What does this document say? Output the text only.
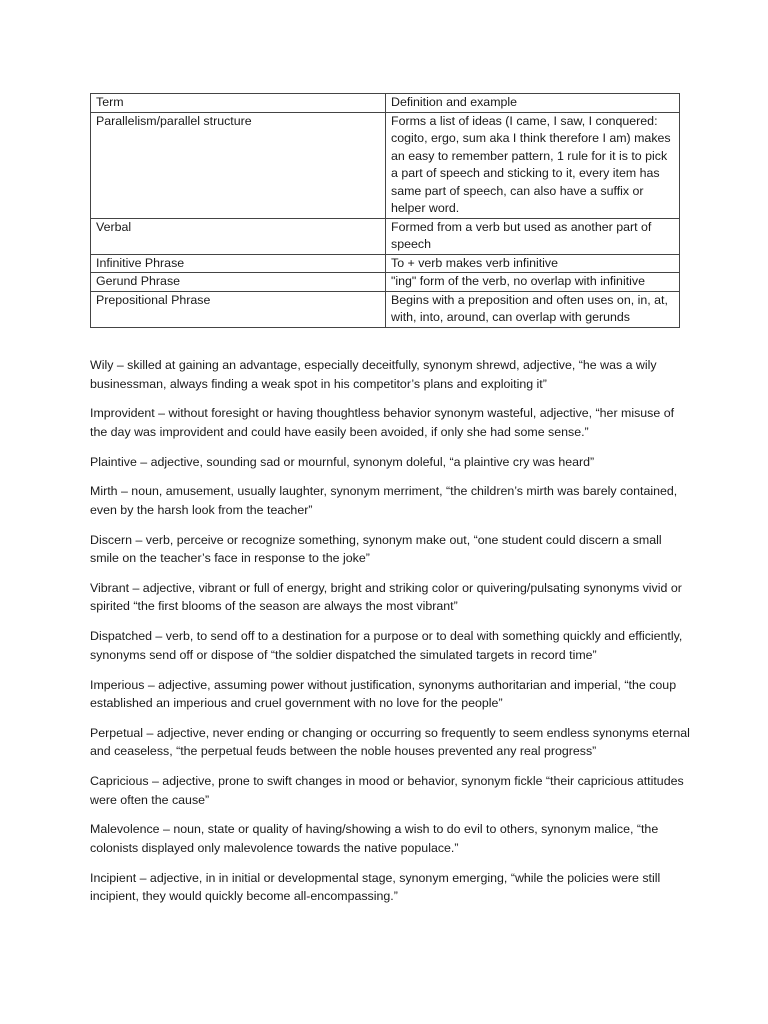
Term	Definition and example
Parallelism/parallel structure	Forms a list of ideas (I came, I saw, I conquered: cogito, ergo, sum aka I think therefore I am) makes an easy to remember pattern, 1 rule for it is to pick a part of speech and sticking to it, every item has same part of speech, can also have a suffix or helper word.
Verbal	Formed from a verb but used as another part of speech
Infinitive Phrase	To + verb makes verb infinitive
Gerund Phrase	"ing" form of the verb, no overlap with infinitive
Prepositional Phrase	Begins with a preposition and often uses on, in, at, with, into, around, can overlap with gerunds

Wily – skilled at gaining an advantage, especially deceitfully, synonym shrewd, adjective, “he was a wily businessman, always finding a weak spot in his competitor’s plans and exploiting it”

Improvident – without foresight or having thoughtless behavior synonym wasteful, adjective, “her misuse of the day was improvident and could have easily been avoided, if only she had some sense.”

Plaintive – adjective, sounding sad or mournful, synonym doleful, “a plaintive cry was heard”

Mirth – noun, amusement, usually laughter, synonym merriment, “the children’s mirth was barely contained, even by the harsh look from the teacher”

Discern – verb, perceive or recognize something, synonym make out, “one student could discern a small smile on the teacher’s face in response to the joke”

Vibrant – adjective, vibrant or full of energy, bright and striking color or quivering/pulsating synonyms vivid or spirited “the first blooms of the season are always the most vibrant”

Dispatched – verb, to send off to a destination for a purpose or to deal with something quickly and efficiently, synonyms send off or dispose of “the soldier dispatched the simulated targets in record time”

Imperious – adjective, assuming power without justification, synonyms authoritarian and imperial, “the coup established an imperious and cruel government with no love for the people”

Perpetual – adjective, never ending or changing or occurring so frequently to seem endless synonyms eternal and ceaseless, “the perpetual feuds between the noble houses prevented any real progress”

Capricious – adjective, prone to swift changes in mood or behavior, synonym fickle “their capricious attitudes were often the cause”

Malevolence – noun, state or quality of having/showing a wish to do evil to others, synonym malice, “the colonists displayed only malevolence towards the native populace.”

Incipient – adjective, in in initial or developmental stage, synonym emerging, “while the policies were still incipient, they would quickly become all-encompassing.”
